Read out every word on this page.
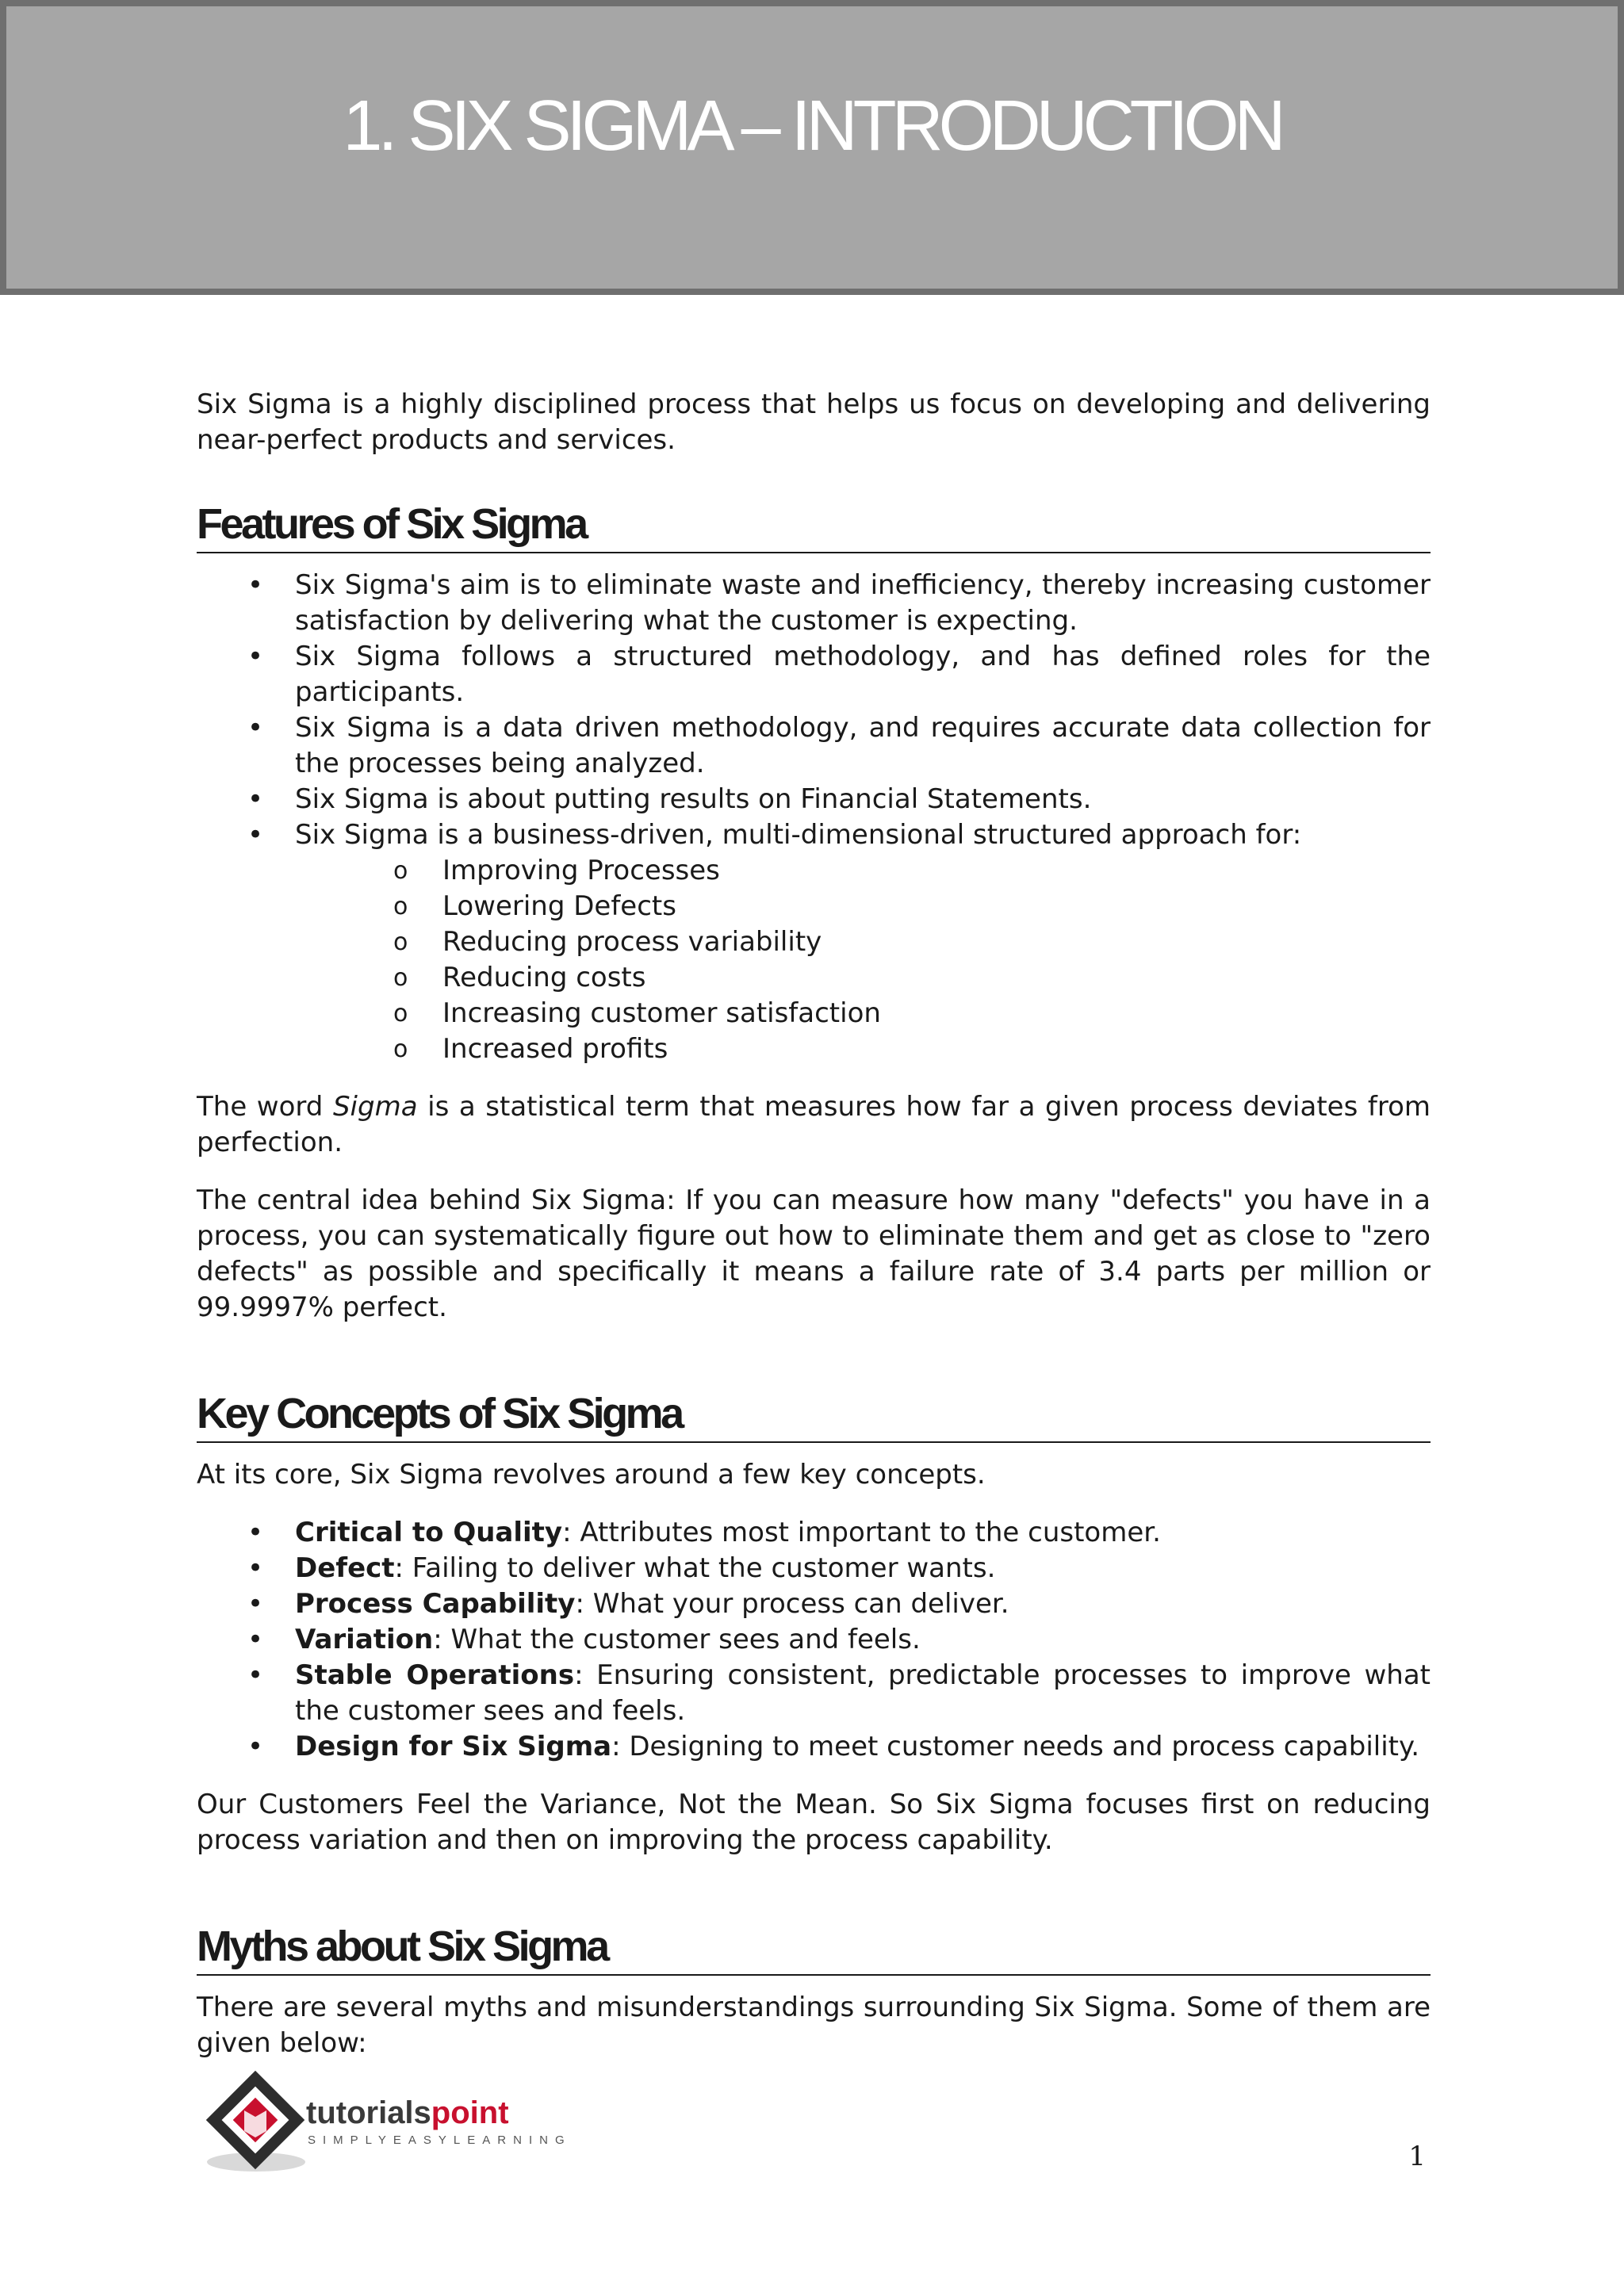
1. SIX SIGMA – INTRODUCTION

Six Sigma is a highly disciplined process that helps us focus on developing and delivering near-perfect products and services.

Features of Six Sigma
• Six Sigma's aim is to eliminate waste and inefficiency, thereby increasing customer satisfaction by delivering what the customer is expecting.
• Six Sigma follows a structured methodology, and has defined roles for the participants.
• Six Sigma is a data driven methodology, and requires accurate data collection for the processes being analyzed.
• Six Sigma is about putting results on Financial Statements.
• Six Sigma is a business-driven, multi-dimensional structured approach for:
o Improving Processes
o Lowering Defects
o Reducing process variability
o Reducing costs
o Increasing customer satisfaction
o Increased profits

The word Sigma is a statistical term that measures how far a given process deviates from perfection.

The central idea behind Six Sigma: If you can measure how many "defects" you have in a process, you can systematically figure out how to eliminate them and get as close to "zero defects" as possible and specifically it means a failure rate of 3.4 parts per million or 99.9997% perfect.

Key Concepts of Six Sigma

At its core, Six Sigma revolves around a few key concepts.

• Critical to Quality: Attributes most important to the customer.
• Defect: Failing to deliver what the customer wants.
• Process Capability: What your process can deliver.
• Variation: What the customer sees and feels.
• Stable Operations: Ensuring consistent, predictable processes to improve what the customer sees and feels.
• Design for Six Sigma: Designing to meet customer needs and process capability.

Our Customers Feel the Variance, Not the Mean. So Six Sigma focuses first on reducing process variation and then on improving the process capability.

Myths about Six Sigma

There are several myths and misunderstandings surrounding Six Sigma. Some of them are given below:

tutorialspoint
SIMPLYEASYLEARNING
1
